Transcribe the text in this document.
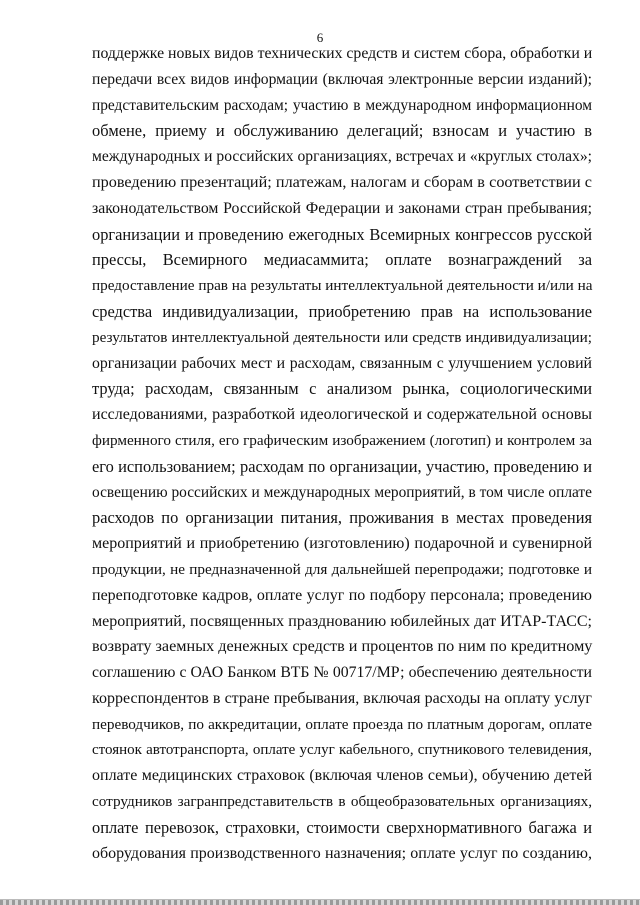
6
поддержке новых видов технических средств и систем сбора, обработки и
передачи всех видов информации (включая электронные версии изданий);
представительским расходам; участию в международном информационном
обмене, приему и обслуживанию делегаций; взносам и участию в
международных и российских организациях, встречах и «круглых столах»;
проведению презентаций; платежам, налогам и сборам в соответствии с
законодательством Российской Федерации и законами стран пребывания;
организации и проведению ежегодных Всемирных конгрессов русской
прессы, Всемирного медиасаммита; оплате вознаграждений за
предоставление прав на результаты интеллектуальной деятельности и/или на
средства индивидуализации, приобретению прав на использование
результатов интеллектуальной деятельности или средств индивидуализации;
организации рабочих мест и расходам, связанным с улучшением условий
труда; расходам, связанным с анализом рынка, социологическими
исследованиями, разработкой идеологической и содержательной основы
фирменного стиля, его графическим изображением (логотип) и контролем за
его использованием; расходам по организации, участию, проведению и
освещению российских и международных мероприятий, в том числе оплате
расходов по организации питания, проживания в местах проведения
мероприятий и приобретению (изготовлению) подарочной и сувенирной
продукции, не предназначенной для дальнейшей перепродажи; подготовке и
переподготовке кадров, оплате услуг по подбору персонала; проведению
мероприятий, посвященных празднованию юбилейных дат ИТАР-ТАСС;
возврату заемных денежных средств и процентов по ним по кредитному
соглашению с ОАО Банком ВТБ № 00717/МР; обеспечению деятельности
корреспондентов в стране пребывания, включая расходы на оплату услуг
переводчиков, по аккредитации, оплате проезда по платным дорогам, оплате
стоянок автотранспорта, оплате услуг кабельного, спутникового телевидения,
оплате медицинских страховок (включая членов семьи), обучению детей
сотрудников загранпредставительств в общеобразовательных организациях,
оплате перевозок, страховки, стоимости сверхнормативного багажа и
оборудования производственного назначения; оплате услуг по созданию,
